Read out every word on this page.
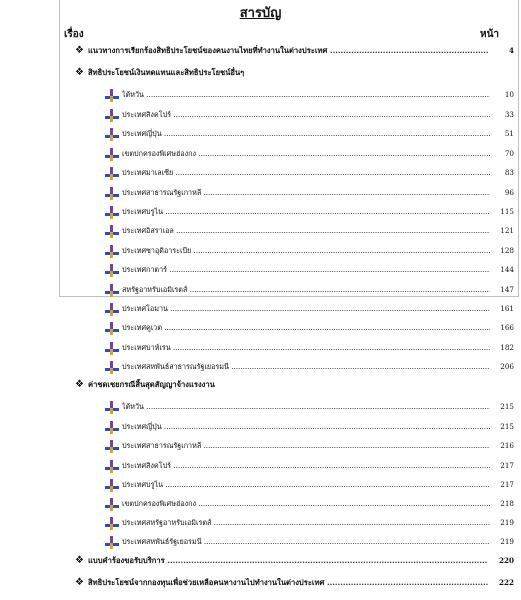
สารบัญ
เรื่อง	หน้า
❖ แนวทางการเรียกร้องสิทธิประโยชน์ของคนงานไทยที่ทำงานในต่างประเทศ .....	4
❖ สิทธิประโยชน์เงินทดแทนและสิทธิประโยชน์อื่นๆ
ไต้หวัน .....	10
ประเทศสิงคโปร์ .....	33
ประเทศญี่ปุ่น .....	51
เขตปกครองพิเศษฮ่องกง .....	70
ประเทศมาเลเซีย .....	83
ประเทศสาธารณรัฐเกาหลี .....	96
ประเทศบรูไน .....	115
ประเทศอิสราเอล .....	121
ประเทศซาอุดิอาระเบีย .....	128
ประเทศกาตาร์ .....	144
สหรัฐอาหรับเอมิเรตส์ .....	147
ประเทศโอมาน .....	161
ประเทศคูเวต .....	166
ประเทศบาห์เรน .....	182
ประเทศสหพันธ์สาธารณรัฐเยอรมนี .....	206
❖ ค่าชดเชยกรณีสิ้นสุดสัญญาจ้างแรงงาน
ไต้หวัน .....	215
ประเทศญี่ปุ่น .....	215
ประเทศสาธารณรัฐเกาหลี .....	216
ประเทศสิงคโปร์ .....	217
ประเทศบรูไน .....	217
เขตปกครองพิเศษฮ่องกง .....	218
ประเทศสหรัฐอาหรับเอมิเรตส์ .....	219
ประเทศสหพันธ์รัฐเยอรมนี .....	219
❖ แบบคำร้องขอรับบริการ .....	220
❖ สิทธิประโยชน์จากกองทุนเพื่อช่วยเหลือคนหางานไปทำงานในต่างประเทศ .....	222
